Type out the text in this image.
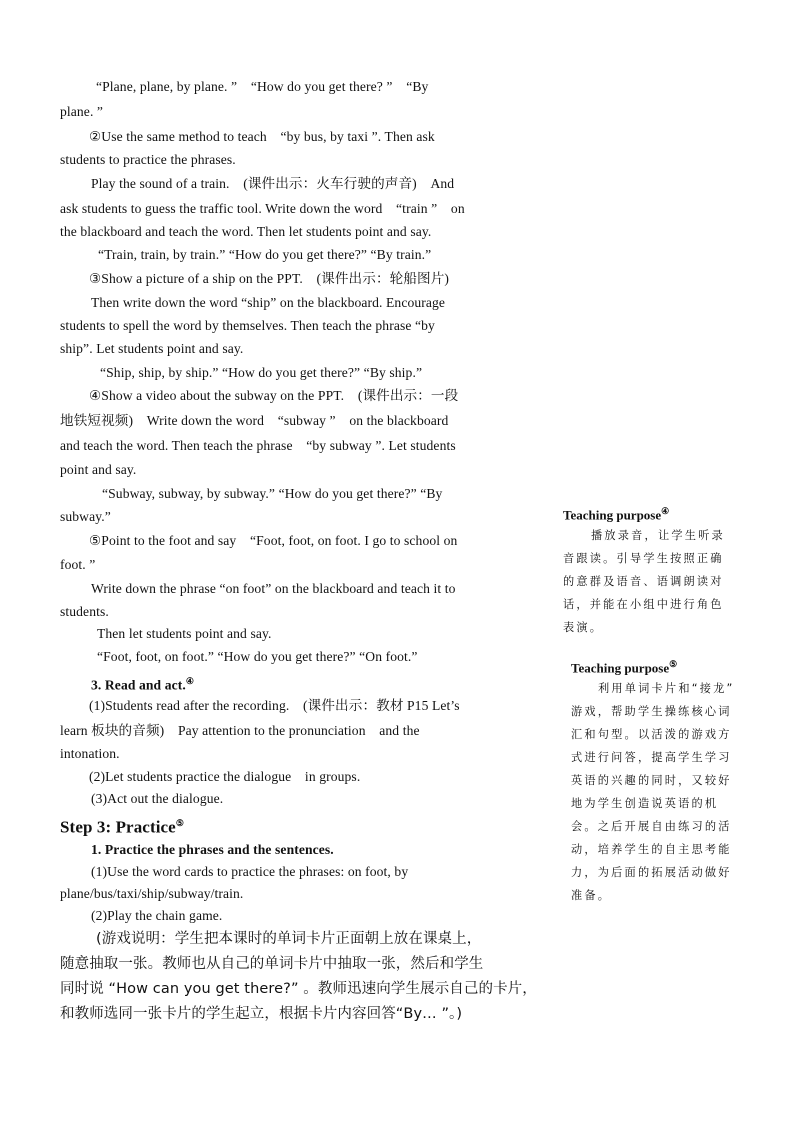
“Plane, plane, by plane. ”　“How do you get there? ”　“By
plane. ”
②Use the same method to teach　“by bus, by taxi ”. Then ask
students to practice the phrases.
Play the sound of a train.　(课件出示：火车行驶的声音)　And
ask students to guess the traffic tool. Write down the word　“train ”　on
the blackboard and teach the word. Then let students point and say.
“Train, train, by train.” “How do you get there?” “By train.”
③Show a picture of a ship on the PPT.　(课件出示：轮船图片)
Then write down the word “ship” on the blackboard. Encourage
students to spell the word by themselves. Then teach the phrase “by
ship”. Let students point and say.
“Ship, ship, by ship.” “How do you get there?” “By ship.”
④Show a video about the subway on the PPT.　(课件出示：一段
地铁短视频)　Write down the word　“subway ”　on the blackboard
and teach the word. Then teach the phrase　“by subway ”. Let students
point and say.
“Subway, subway, by subway.” “How do you get there?” “By
subway.”
⑤Point to the foot and say　“Foot, foot, on foot. I go to school on
foot. ”
Write down the phrase “on foot” on the blackboard and teach it to
students.
Then let students point and say.
“Foot, foot, on foot.” “How do you get there?” “On foot.”
3. Read and act.④
(1)Students read after the recording.　(课件出示：教材 P15 Let’s
learn 板块的音频)　Pay attention to the pronunciation　and the
intonation.
(2)Let students practice the dialogue　in groups.
(3)Act out the dialogue.
Step 3: Practice⑤
1. Practice the phrases and the sentences.
(1)Use the word cards to practice the phrases: on foot, by
plane/bus/taxi/ship/subway/train.
(2)Play the chain game.
(游戏说明：学生把本课时的单词卡片正面朝上放在课桌上，
随意抽取一张。教师也从自己的单词卡片中抽取一张，然后和学生
同时说 “How can you get there?” 。教师迅速向学生展示自己的卡片，
和教师选同一张卡片的学生起立，根据卡片内容回答“By… ”。)
Teaching purpose④
播放录音，让学生听录
音跟读。引导学生按照正确
的意群及语音、语调朗读对
话，并能在小组中进行角色
表演。
Teaching purpose⑤
利用单词卡片和“接龙”
游戏，帮助学生操练核心词
汇和句型。以活泼的游戏方
式进行问答，提高学生学习
英语的兴趣的同时，又较好
地为学生创造说英语的机
会。之后开展自由练习的活
动，培养学生的自主思考能
力，为后面的拓展活动做好
准备。
